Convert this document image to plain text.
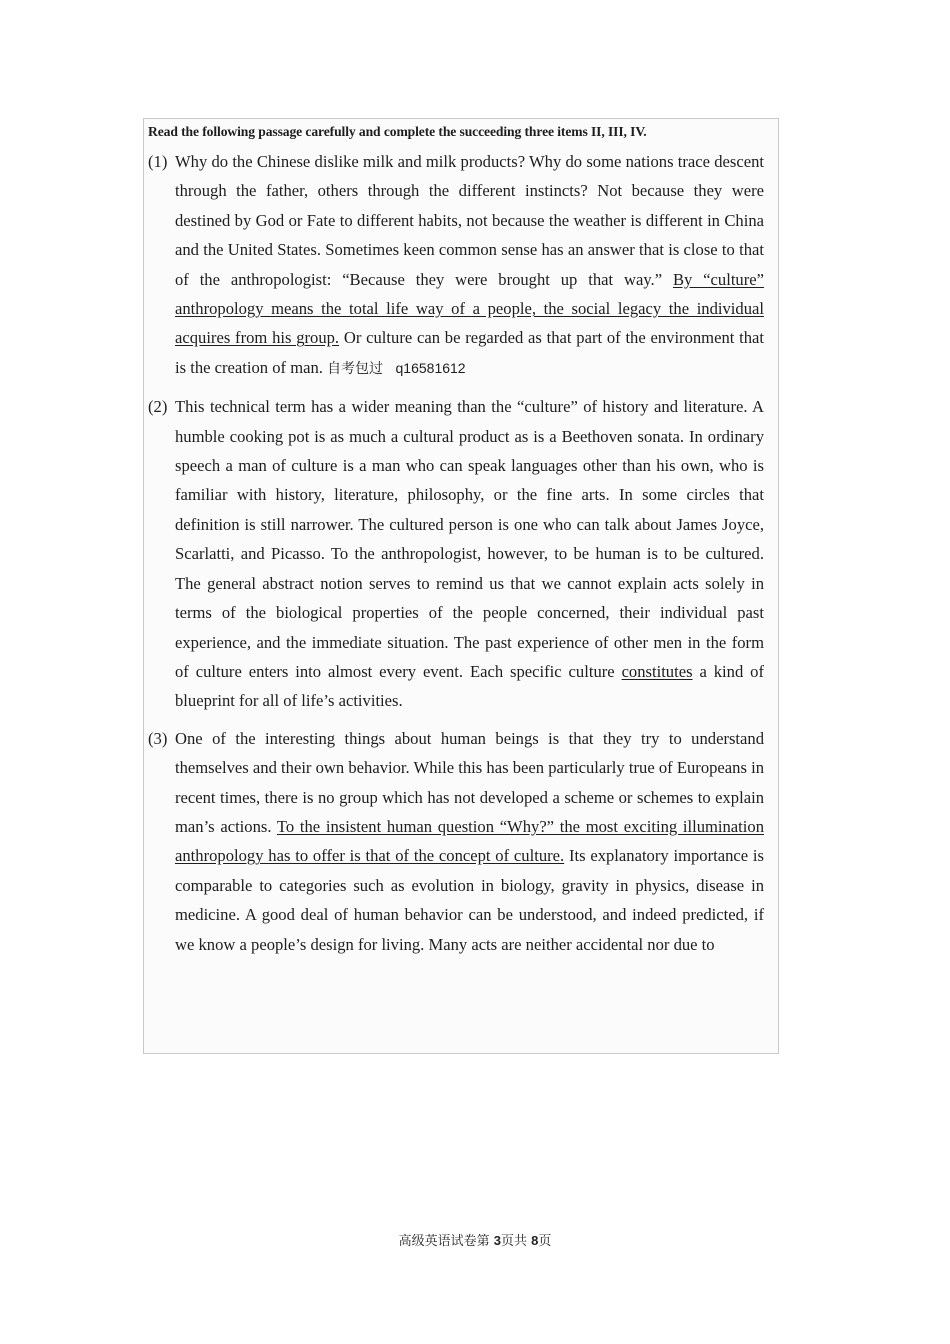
Read the following passage carefully and complete the succeeding three items II, III, IV.
(1) Why do the Chinese dislike milk and milk products? Why do some nations trace descent through the father, others through the different instincts? Not because they were destined by God or Fate to different habits, not because the weather is different in China and the United States. Sometimes keen common sense has an answer that is close to that of the anthropologist: “Because they were brought up that way.” By “culture” anthropology means the total life way of a people, the social legacy the individual acquires from his group. Or culture can be regarded as that part of the environment that is the creation of man. 自考包过 q16581612
(2) This technical term has a wider meaning than the “culture” of history and literature. A humble cooking pot is as much a cultural product as is a Beethoven sonata. In ordinary speech a man of culture is a man who can speak languages other than his own, who is familiar with history, literature, philosophy, or the fine arts. In some circles that definition is still narrower. The cultured person is one who can talk about James Joyce, Scarlatti, and Picasso. To the anthropologist, however, to be human is to be cultured. The general abstract notion serves to remind us that we cannot explain acts solely in terms of the biological properties of the people concerned, their individual past experience, and the immediate situation. The past experience of other men in the form of culture enters into almost every event. Each specific culture constitutes a kind of blueprint for all of life’s activities.
(3) One of the interesting things about human beings is that they try to understand themselves and their own behavior. While this has been particularly true of Europeans in recent times, there is no group which has not developed a scheme or schemes to explain man’s actions. To the insistent human question “Why?” the most exciting illumination anthropology has to offer is that of the concept of culture. Its explanatory importance is comparable to categories such as evolution in biology, gravity in physics, disease in medicine. A good deal of human behavior can be understood, and indeed predicted, if we know a people’s design for living. Many acts are neither accidental nor due to
高级英语试卷第 3页共 8页
